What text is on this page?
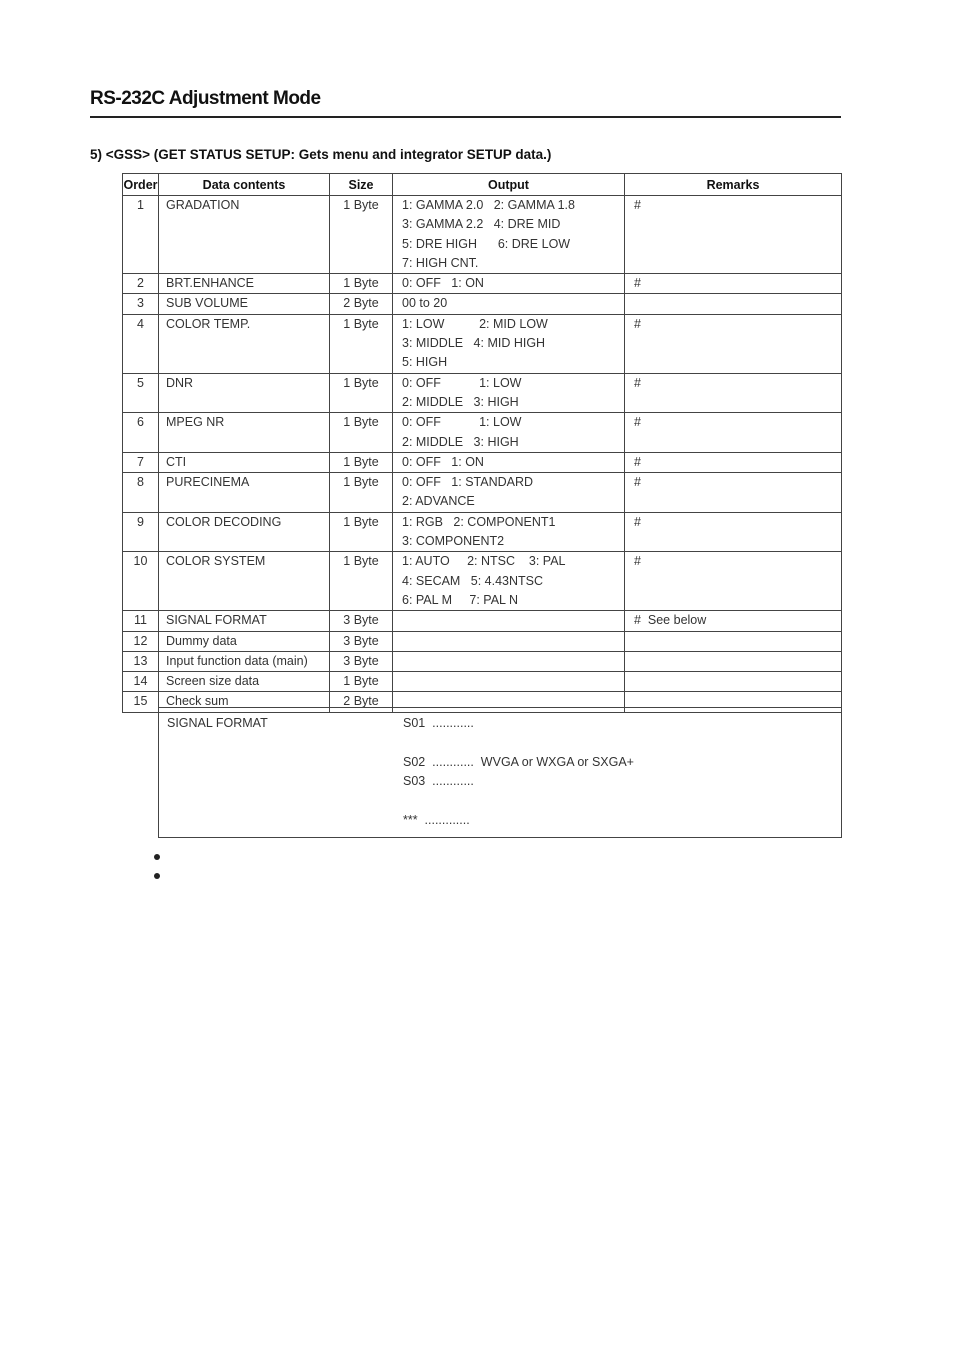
RS-232C Adjustment Mode
5) <GSS> (GET STATUS SETUP: Gets menu and integrator SETUP data.)
Order	Data contents	Size	Output	Remarks
1	GRADATION	1 Byte	1: GAMMA 2.0   2: GAMMA 1.8
3: GAMMA 2.2   4: DRE MID
5: DRE HIGH      6: DRE LOW
7: HIGH CNT.	#
2	BRT.ENHANCE	1 Byte	0: OFF   1: ON	#
3	SUB VOLUME	2 Byte	00 to 20	

4	COLOR TEMP.	1 Byte	1: LOW          2: MID LOW
3: MIDDLE   4: MID HIGH
5: HIGH	#
5	DNR	1 Byte	0: OFF           1: LOW
2: MIDDLE   3: HIGH	#
6	MPEG NR	1 Byte	0: OFF           1: LOW
2: MIDDLE   3: HIGH	#
7	CTI	1 Byte	0: OFF   1: ON	#
8	PURECINEMA	1 Byte	0: OFF   1: STANDARD
2: ADVANCE	#
9	COLOR DECODING	1 Byte	1: RGB   2: COMPONENT1
3: COMPONENT2	#
10	COLOR SYSTEM	1 Byte	1: AUTO     2: NTSC    3: PAL
4: SECAM   5: 4.43NTSC
6: PAL M     7: PAL N	#
11	SIGNAL FORMAT	3 Byte		#  See below
12	Dummy data	3 Byte	

13	Input function data (main)	3 Byte	

14	Screen size data	1 Byte	

15	Check sum	2 Byte	

SIGNAL FORMAT	S01  ............
S02  ............  WVGA or WXGA or SXGA+
S03  ............
***  .............
